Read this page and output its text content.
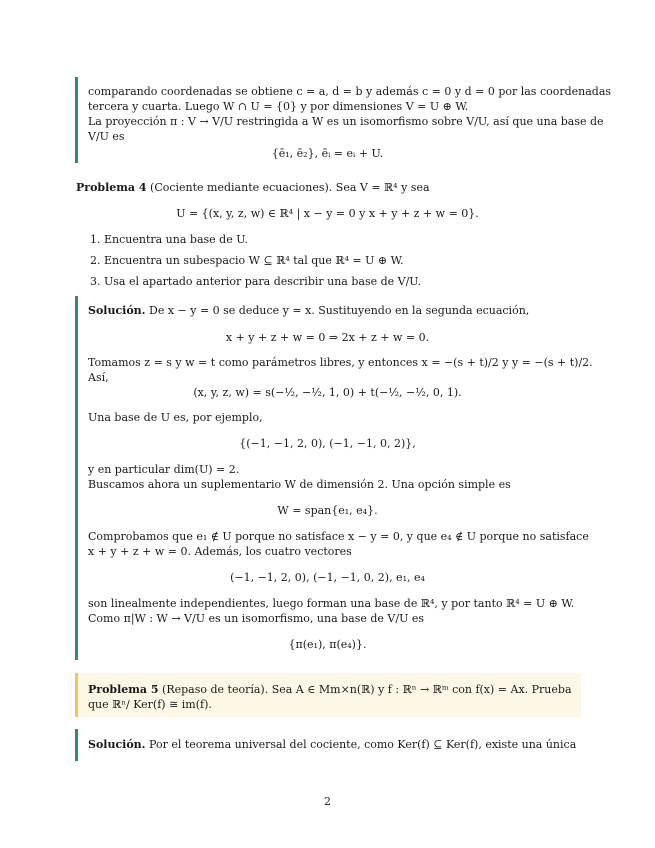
comparando coordenadas se obtiene c = a, d = b y además c = 0 y d = 0 por las coordenadas
tercera y cuarta. Luego W ∩ U = {0} y por dimensiones V = U ⊕ W.
La proyección π : V → V/U restringida a W es un isomorfismo sobre V/U, así que una base de
V/U es
{ē₁, ē₂}, ēᵢ = eᵢ + U.
Problema 4 (Cociente mediante ecuaciones). Sea V = ℝ⁴ y sea
U = {(x, y, z, w) ∈ ℝ⁴ | x − y = 0 y x + y + z + w = 0}.
1. Encuentra una base de U.
2. Encuentra un subespacio W ⊆ ℝ⁴ tal que ℝ⁴ = U ⊕ W.
3. Usa el apartado anterior para describir una base de V/U.
Solución. De x − y = 0 se deduce y = x. Sustituyendo en la segunda ecuación,
x + y + z + w = 0 ⇒ 2x + z + w = 0.
Tomamos z = s y w = t como parámetros libres, y entonces x = −(s + t)/2 y y = −(s + t)/2.
Así,
(x, y, z, w) = s(−½, −½, 1, 0) + t(−½, −½, 0, 1).
Una base de U es, por ejemplo,
{(−1, −1, 2, 0), (−1, −1, 0, 2)},
y en particular dim(U) = 2.
Buscamos ahora un suplementario W de dimensión 2. Una opción simple es
W = span{e₁, e₄}.
Comprobamos que e₁ ∉ U porque no satisface x − y = 0, y que e₄ ∉ U porque no satisface
x + y + z + w = 0. Además, los cuatro vectores
(−1, −1, 2, 0), (−1, −1, 0, 2), e₁, e₄
son linealmente independientes, luego forman una base de ℝ⁴, y por tanto ℝ⁴ = U ⊕ W.
Como π|W : W → V/U es un isomorfismo, una base de V/U es
{π(e₁), π(e₄)}.
Problema 5 (Repaso de teoría). Sea A ∈ Mm×n(ℝ) y f : ℝⁿ → ℝᵐ con f(x) = Ax. Prueba
que ℝⁿ/ Ker(f) ≅ im(f).
Solución. Por el teorema universal del cociente, como Ker(f) ⊆ Ker(f), existe una única
2
